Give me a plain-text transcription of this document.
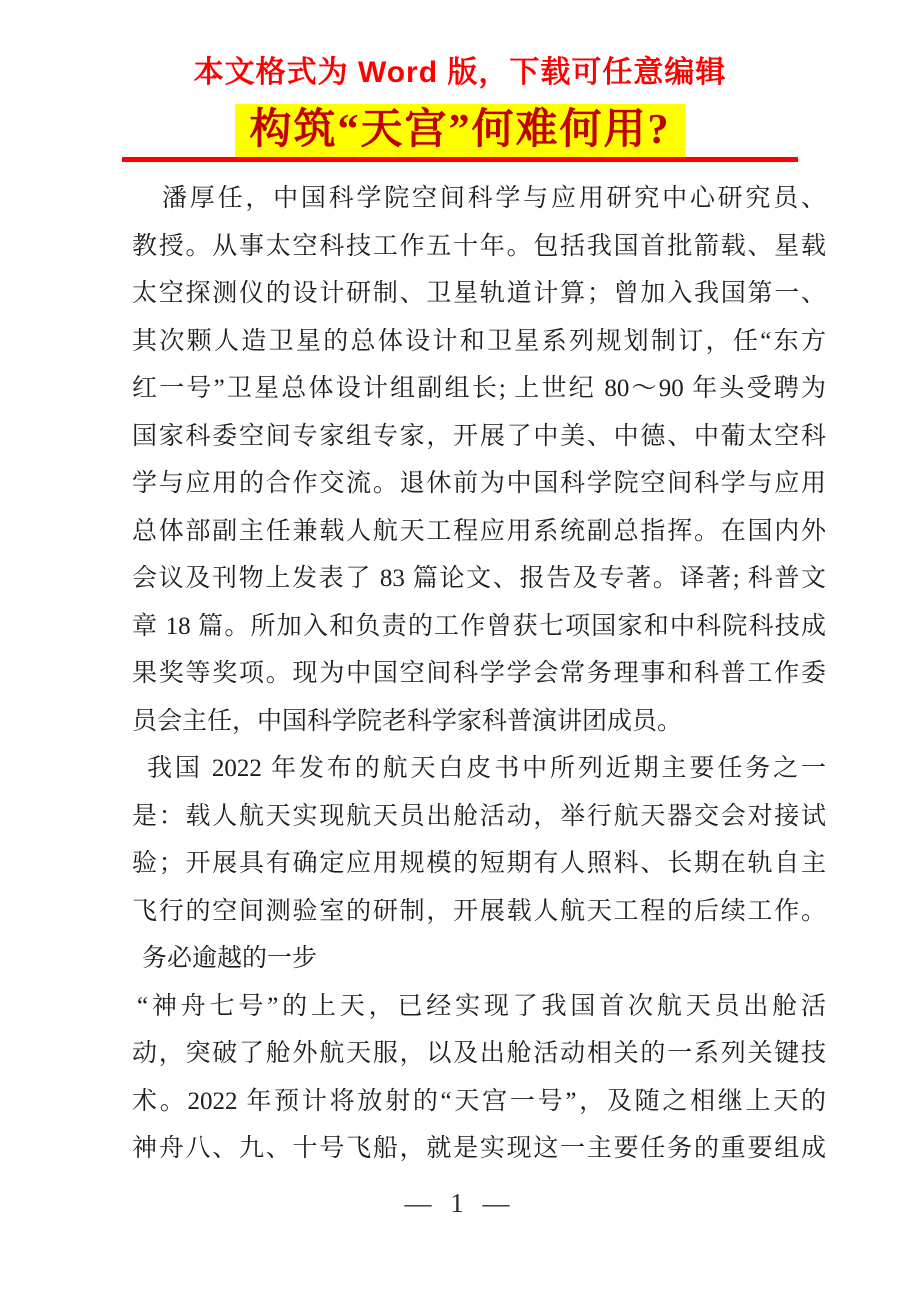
本文格式为 Word 版，下载可任意编辑
构筑“天宫”何难何用?
潘厚任，中国科学院空间科学与应用研究中心研究员、
教授。从事太空科技工作五十年。包括我国首批箭载、星载
太空探测仪的设计研制、卫星轨道计算；曾加入我国第一、
其次颗人造卫星的总体设计和卫星系列规划制订，任“东方
红一号”卫星总体设计组副组长; 上世纪 80～90 年头受聘为
国家科委空间专家组专家，开展了中美、中德、中葡太空科
学与应用的合作交流。退休前为中国科学院空间科学与应用
总体部副主任兼载人航天工程应用系统副总指挥。在国内外
会议及刊物上发表了 83 篇论文、报告及专著。译著; 科普文
章 18 篇。所加入和负责的工作曾获七项国家和中科院科技成
果奖等奖项。现为中国空间科学学会常务理事和科普工作委
员会主任，中国科学院老科学家科普演讲团成员。
我国 2022 年发布的航天白皮书中所列近期主要任务之一
是：载人航天实现航天员出舱活动，举行航天器交会对接试
验；开展具有确定应用规模的短期有人照料、长期在轨自主
飞行的空间测验室的研制，开展载人航天工程的后续工作。
务必逾越的一步
“神舟七号”的上天，已经实现了我国首次航天员出舱活
动，突破了舱外航天服，以及出舱活动相关的一系列关键技
术。2022 年预计将放射的“天宫一号”，及随之相继上天的
神舟八、九、十号飞船，就是实现这一主要任务的重要组成
— 1 —
